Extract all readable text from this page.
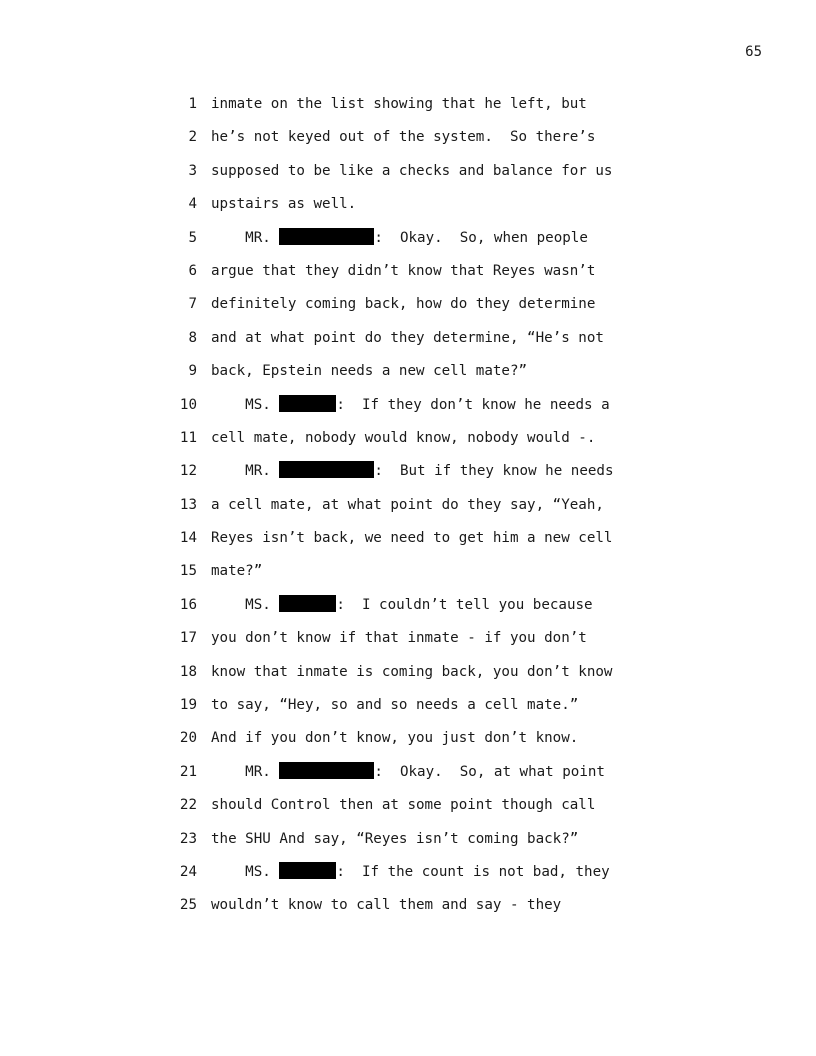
65
1 inmate on the list showing that he left, but
2 he’s not keyed out of the system.  So there’s
3 supposed to be like a checks and balance for us
4 upstairs as well.
5 MR.	:  Okay.  So, when people
6 argue that they didn’t know that Reyes wasn’t
7 definitely coming back, how do they determine
8 and at what point do they determine, “He’s not
9 back, Epstein needs a new cell mate?”
10 MS.	:  If they don’t know he needs a
11 cell mate, nobody would know, nobody would -.
12 MR.	:  But if they know he needs
13 a cell mate, at what point do they say, “Yeah,
14 Reyes isn’t back, we need to get him a new cell
15 mate?”
16 MS.	:  I couldn’t tell you because
17 you don’t know if that inmate - if you don’t
18 know that inmate is coming back, you don’t know
19 to say, “Hey, so and so needs a cell mate.”
20 And if you don’t know, you just don’t know.
21 MR.	:  Okay.  So, at what point
22 should Control then at some point though call
23 the SHU And say, “Reyes isn’t coming back?”
24 MS.	:  If the count is not bad, they
25 wouldn’t know to call them and say - they
